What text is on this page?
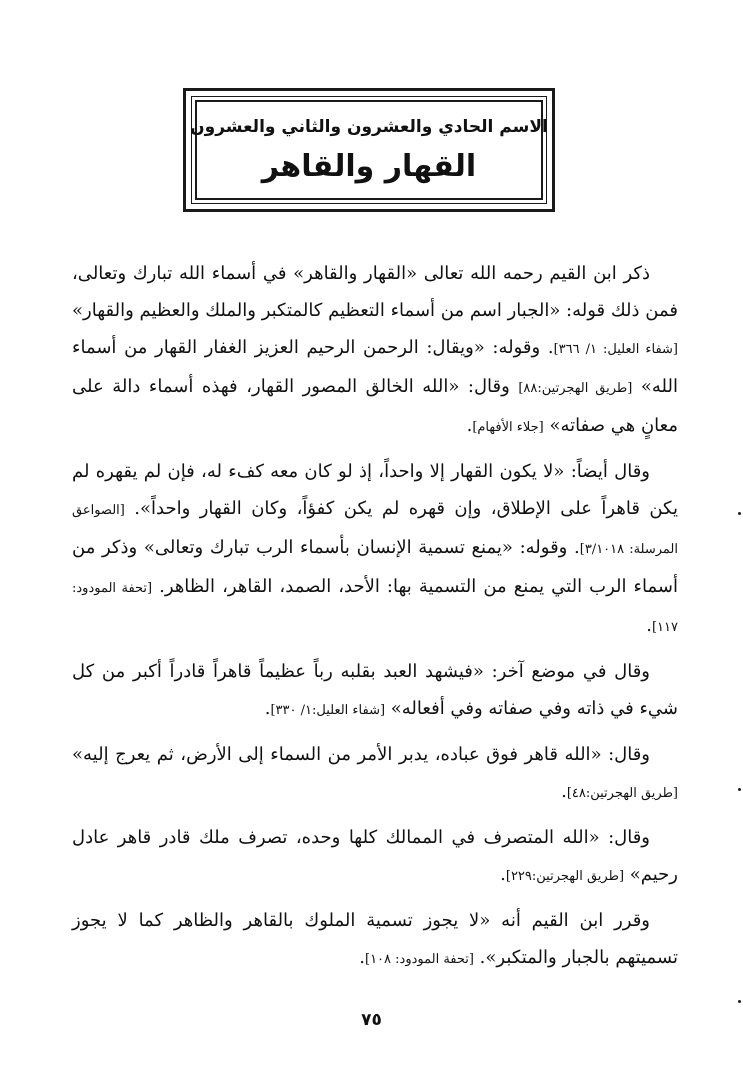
الاسم الحادي والعشرون والثاني والعشرون
القهار والقاهر

ذكر ابن القيم رحمه الله تعالى «القهار والقاهر» في أسماء الله تبارك وتعالى، فمن ذلك قوله: «الجبار اسم من أسماء التعظيم كالمتكبر والملك والعظيم والقهار» [شفاء العليل: ١/ ٣٦٦]. وقوله: «ويقال: الرحمن الرحيم العزيز الغفار القهار من أسماء الله» [طريق الهجرتين:٨٨] وقال: «الله الخالق المصور القهار، فهذه أسماء دالة على معانٍ هي صفاته» [جلاء الأفهام].

وقال أيضاً: «لا يكون القهار إلا واحداً، إذ لو كان معه كفء له، فإن لم يقهره لم يكن قاهراً على الإطلاق، وإن قهره لم يكن كفؤاً، وكان القهار واحداً». [الصواعق المرسلة: ٣/١٠١٨]. وقوله: «يمنع تسمية الإنسان بأسماء الرب تبارك وتعالى» وذكر من أسماء الرب التي يمنع من التسمية بها: الأحد، الصمد، القاهر، الظاهر. [تحفة المودود: ١١٧].

وقال في موضع آخر: «فيشهد العبد بقلبه رباً عظيماً قاهراً قادراً أكبر من كل شيء في ذاته وفي صفاته وفي أفعاله» [شفاء العليل:١/ ٣٣٠].

وقال: «الله قاهر فوق عباده، يدبر الأمر من السماء إلى الأرض، ثم يعرج إليه» [طريق الهجرتين:٤٨].

وقال: «الله المتصرف في الممالك كلها وحده، تصرف ملك قادر قاهر عادل رحيم» [طريق الهجرتين:٢٢٩].

وقرر ابن القيم أنه «لا يجوز تسمية الملوك بالقاهر والظاهر كما لا يجوز تسميتهم بالجبار والمتكبر». [تحفة المودود: ١٠٨].

٧٥
